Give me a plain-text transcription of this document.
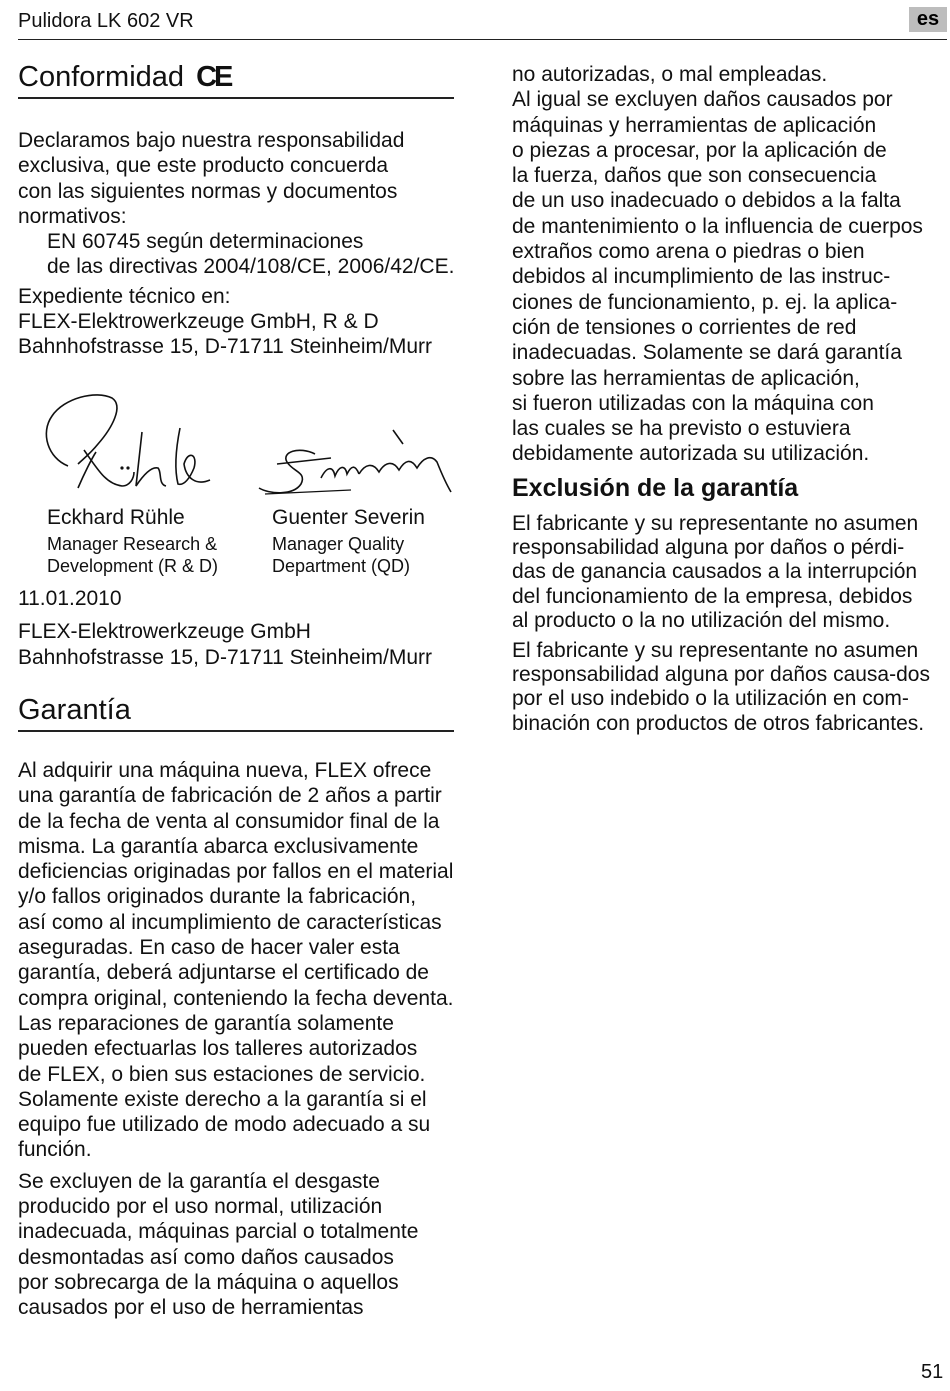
Pulidora LK 602 VR	es
Conformidad CE

Declaramos bajo nuestra responsabilidad
exclusiva, que este producto concuerda
con las siguientes normas y documentos
normativos:
EN 60745 según determinaciones
de las directivas 2004/108/CE, 2006/42/CE.

Expediente técnico en:
FLEX-Elektrowerkzeuge GmbH, R & D
Bahnhofstrasse 15, D-71711 Steinheim/Murr

Eckhard Rühle
Manager Research &
Development (R & D)
Guenter Severin
Manager Quality
Department (QD)
11.01.2010
FLEX-Elektrowerkzeuge GmbH
Bahnhofstrasse 15, D-71711 Steinheim/Murr
Garantía

Al adquirir una máquina nueva, FLEX ofrece
una garantía de fabricación de 2 años a partir
de la fecha de venta al consumidor final de la
misma. La garantía abarca exclusivamente
deficiencias originadas por fallos en el material
y/o fallos originados durante la fabricación,
así como al incumplimiento de características
aseguradas. En caso de hacer valer esta
garantía, deberá adjuntarse el certificado de
compra original, conteniendo la fecha deventa.
Las reparaciones de garantía solamente
pueden efectuarlas los talleres autorizados
de FLEX, o bien sus estaciones de servicio.
Solamente existe derecho a la garantía si el
equipo fue utilizado de modo adecuado a su
función.

Se excluyen de la garantía el desgaste
producido por el uso normal, utilización
inadecuada, máquinas parcial o totalmente
desmontadas así como daños causados
por sobrecarga de la máquina o aquellos
causados por el uso de herramientas

no autorizadas, o mal empleadas.
Al igual se excluyen daños causados por
máquinas y herramientas de aplicación
o piezas a procesar, por la aplicación de
la fuerza, daños que son consecuencia
de un uso inadecuado o debidos a la falta
de mantenimiento o la influencia de cuerpos
extraños como arena o piedras o bien
debidos al incumplimiento de las instruc-
ciones de funcionamiento, p. ej. la aplica-
ción de tensiones o corrientes de red
inadecuadas. Solamente se dará garantía
sobre las herramientas de aplicación,
si fueron utilizadas con la máquina con
las cuales se ha previsto o estuviera
debidamente autorizada su utilización.
Exclusión de la garantía

El fabricante y su representante no asumen
responsabilidad alguna por daños o pérdi-
das de ganancia causados a la interrupción
del funcionamiento de la empresa, debidos
al producto o la no utilización del mismo.

El fabricante y su representante no asumen
responsabilidad alguna por daños causa-dos
por el uso indebido o la utilización en com-
binación con productos de otros fabricantes.

51
